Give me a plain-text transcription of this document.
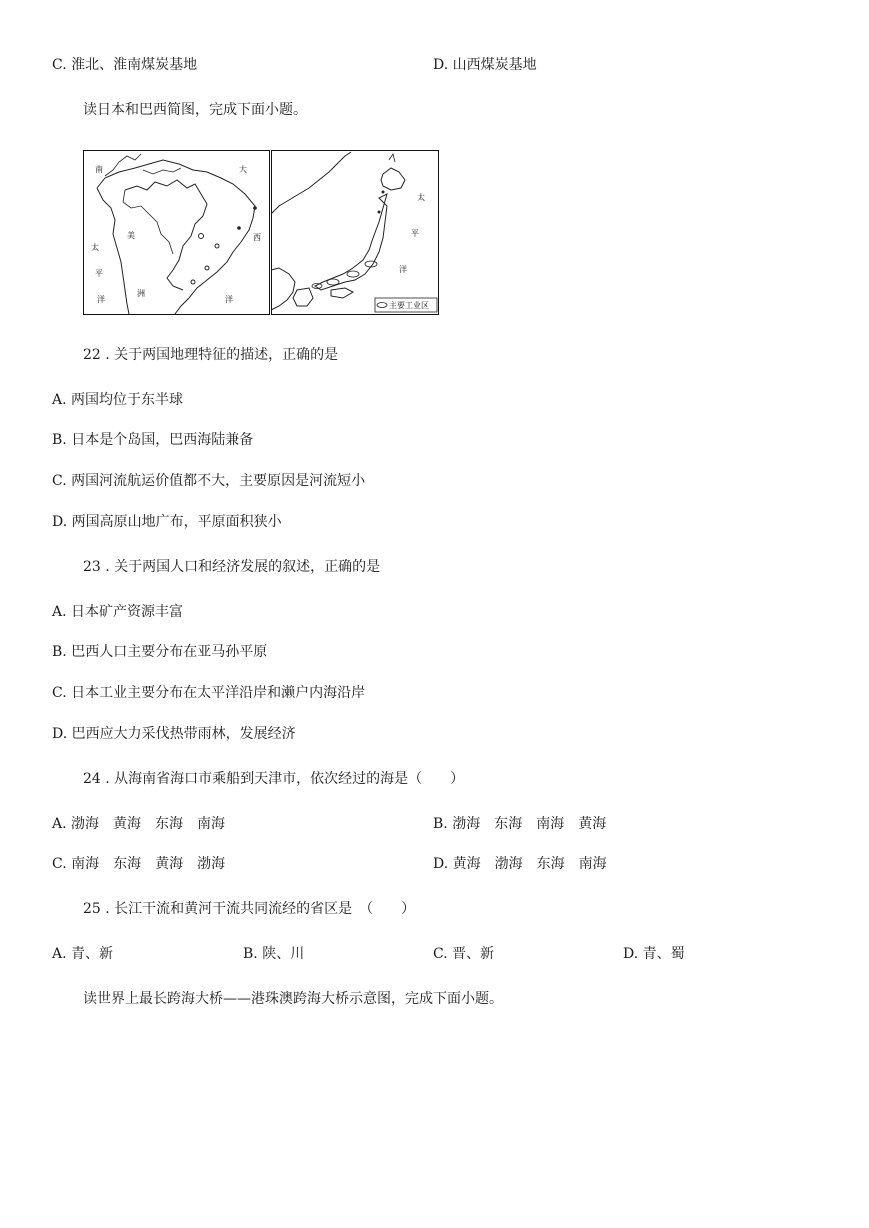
C. 淮北、淮南煤炭基地	D. 山西煤炭基地
读日本和巴西简图，完成下面小题。
南
美
洲
太
平
洋
大
西
洋
太
平
洋
主要工业区
22 . 关于两国地理特征的描述，正确的是
A. 两国均位于东半球
B. 日本是个岛国，巴西海陆兼备
C. 两国河流航运价值都不大，主要原因是河流短小
D. 两国高原山地广布，平原面积狭小
23 . 关于两国人口和经济发展的叙述，正确的是
A. 日本矿产资源丰富
B. 巴西人口主要分布在亚马孙平原
C. 日本工业主要分布在太平洋沿岸和濑户内海沿岸
D. 巴西应大力采伐热带雨林，发展经济
24 . 从海南省海口市乘船到天津市，依次经过的海是（　　）
A. 渤海　黄海　东海　南海	B. 渤海　东海　南海　黄海
C. 南海　东海　黄海　渤海	D. 黄海　渤海　东海　南海
25 . 长江干流和黄河干流共同流经的省区是　（　　）
A. 青、新	B. 陕、川	C. 晋、新	D. 青、蜀
读世界上最长跨海大桥——港珠澳跨海大桥示意图，完成下面小题。
